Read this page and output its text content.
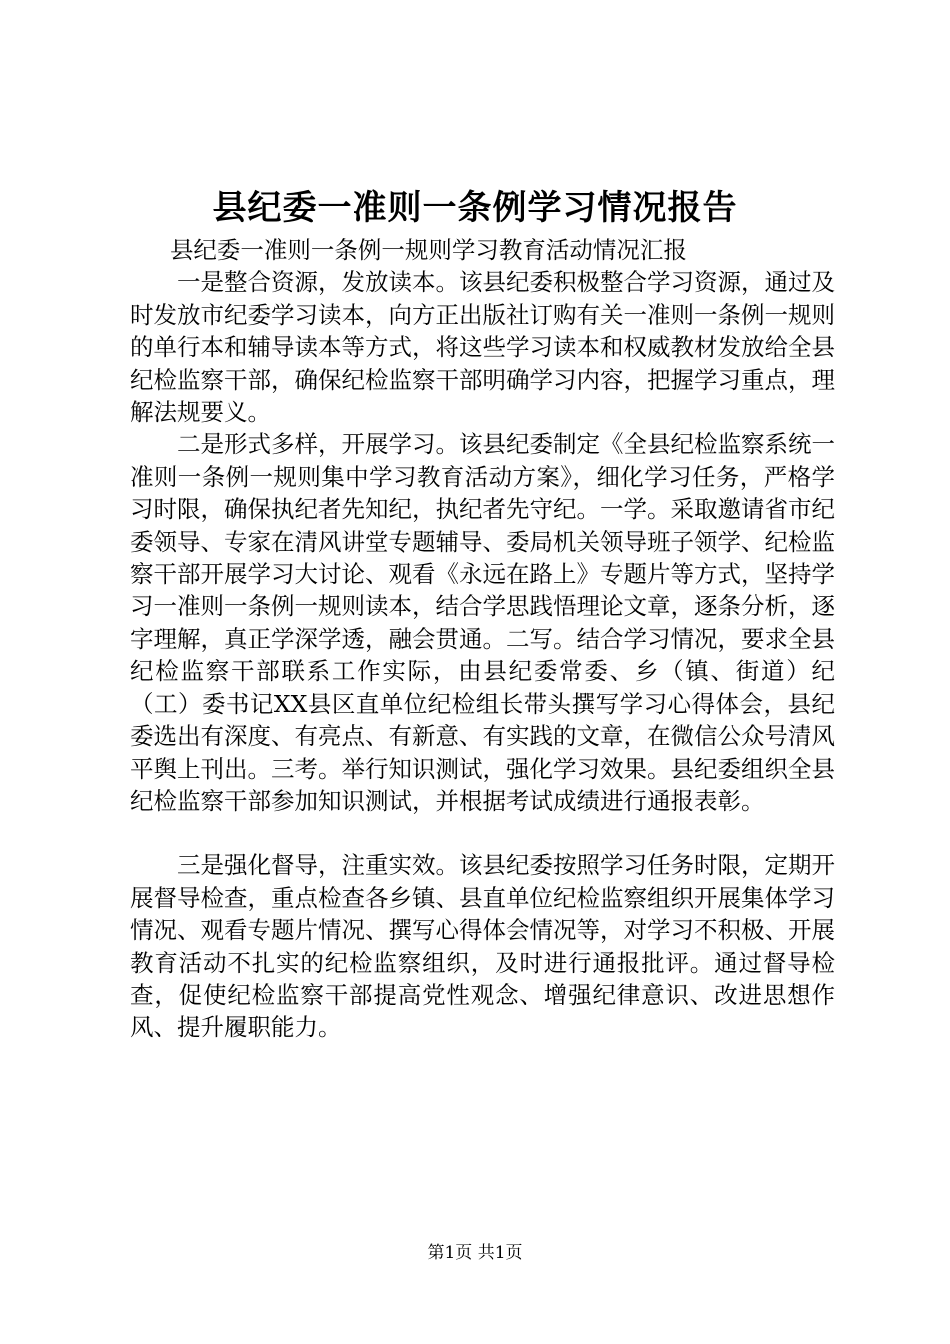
县纪委一准则一条例学习情况报告

县纪委一准则一条例一规则学习教育活动情况汇报

一是整合资源，发放读本。该县纪委积极整合学习资源，通过及时发放市纪委学习读本，向方正出版社订购有关一准则一条例一规则的单行本和辅导读本等方式，将这些学习读本和权威教材发放给全县纪检监察干部，确保纪检监察干部明确学习内容，把握学习重点，理解法规要义。

二是形式多样，开展学习。该县纪委制定《全县纪检监察系统一准则一条例一规则集中学习教育活动方案》，细化学习任务，严格学习时限，确保执纪者先知纪，执纪者先守纪。一学。采取邀请省市纪委领导、专家在清风讲堂专题辅导、委局机关领导班子领学、纪检监察干部开展学习大讨论、观看《永远在路上》专题片等方式，坚持学习一准则一条例一规则读本，结合学思践悟理论文章，逐条分析，逐字理解，真正学深学透，融会贯通。二写。结合学习情况，要求全县纪检监察干部联系工作实际，由县纪委常委、乡（镇、街道）纪（工）委书记XX县区直单位纪检组长带头撰写学习心得体会，县纪委选出有深度、有亮点、有新意、有实践的文章，在微信公众号清风平舆上刊出。三考。举行知识测试，强化学习效果。县纪委组织全县纪检监察干部参加知识测试，并根据考试成绩进行通报表彰。

三是强化督导，注重实效。该县纪委按照学习任务时限，定期开展督导检查，重点检查各乡镇、县直单位纪检监察组织开展集体学习情况、观看专题片情况、撰写心得体会情况等，对学习不积极、开展教育活动不扎实的纪检监察组织，及时进行通报批评。通过督导检查，促使纪检监察干部提高党性观念、增强纪律意识、改进思想作风、提升履职能力。

第1页 共1页
